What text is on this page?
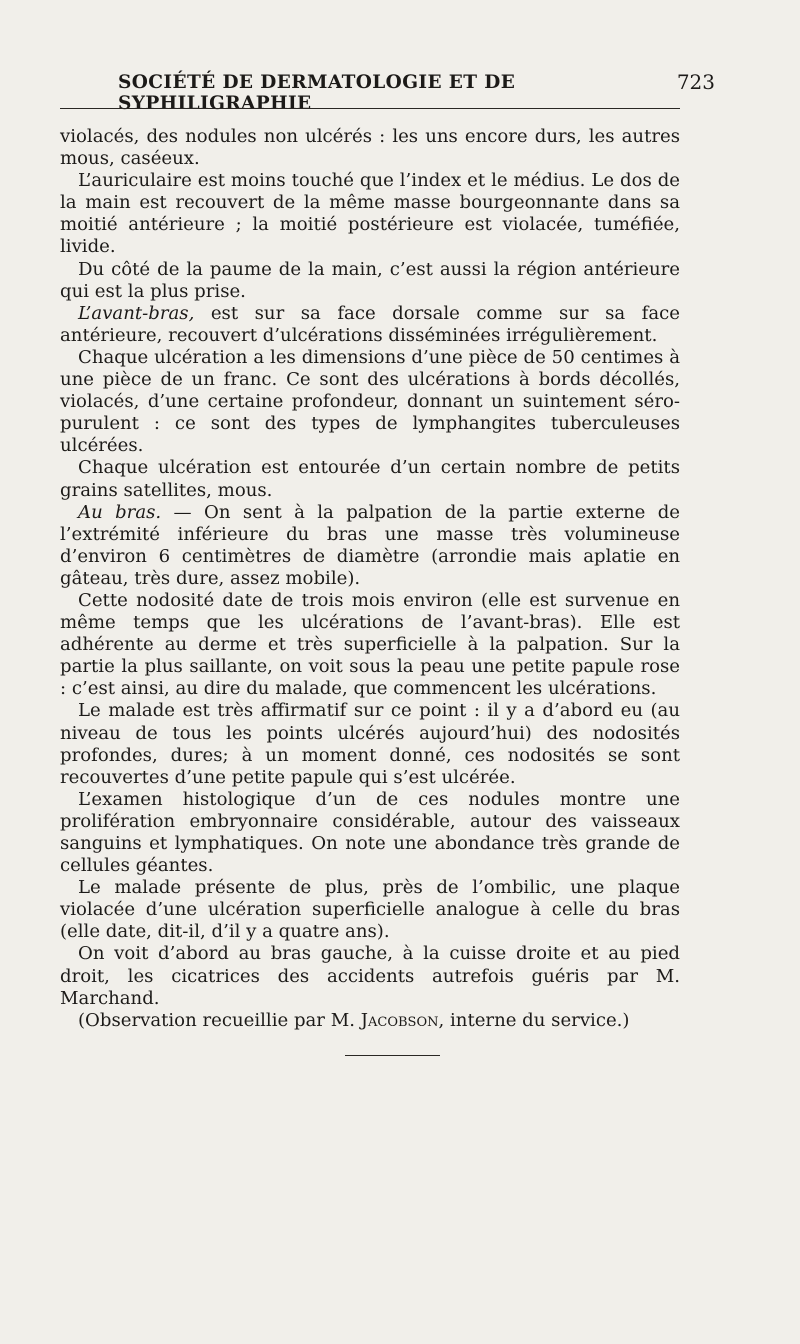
SOCIÉTÉ DE DERMATOLOGIE ET DE SYPHILIGRAPHIE
723

violacés, des nodules non ulcérés : les uns encore durs, les autres mous, caséeux.

L’auriculaire est moins touché que l’index et le médius. Le dos de la main est recouvert de la même masse bourgeonnante dans sa moitié antérieure ; la moitié postérieure est violacée, tuméfiée, livide.

Du côté de la paume de la main, c’est aussi la région antérieure qui est la plus prise.

L’avant-bras, est sur sa face dorsale comme sur sa face antérieure, recouvert d’ulcérations disséminées irrégulièrement.

Chaque ulcération a les dimensions d’une pièce de 50 centimes à une pièce de un franc. Ce sont des ulcérations à bords décollés, violacés, d’une certaine profondeur, donnant un suintement séro-purulent : ce sont des types de lymphangites tuberculeuses ulcérées.

Chaque ulcération est entourée d’un certain nombre de petits grains satellites, mous.

Au bras. — On sent à la palpation de la partie externe de l’extrémité inférieure du bras une masse très volumineuse d’environ 6 centimètres de diamètre (arrondie mais aplatie en gâteau, très dure, assez mobile).

Cette nodosité date de trois mois environ (elle est survenue en même temps que les ulcérations de l’avant-bras). Elle est adhérente au derme et très superficielle à la palpation. Sur la partie la plus saillante, on voit sous la peau une petite papule rose : c’est ainsi, au dire du malade, que commencent les ulcérations.

Le malade est très affirmatif sur ce point : il y a d’abord eu (au niveau de tous les points ulcérés aujourd’hui) des nodosités profondes, dures; à un moment donné, ces nodosités se sont recouvertes d’une petite papule qui s’est ulcérée.

L’examen histologique d’un de ces nodules montre une prolifération embryonnaire considérable, autour des vaisseaux sanguins et lymphatiques. On note une abondance très grande de cellules géantes.

Le malade présente de plus, près de l’ombilic, une plaque violacée d’une ulcération superficielle analogue à celle du bras (elle date, dit-il, d’il y a quatre ans).

On voit d’abord au bras gauche, à la cuisse droite et au pied droit, les cicatrices des accidents autrefois guéris par M. Marchand.

(Observation recueillie par M. Jacobson, interne du service.)
